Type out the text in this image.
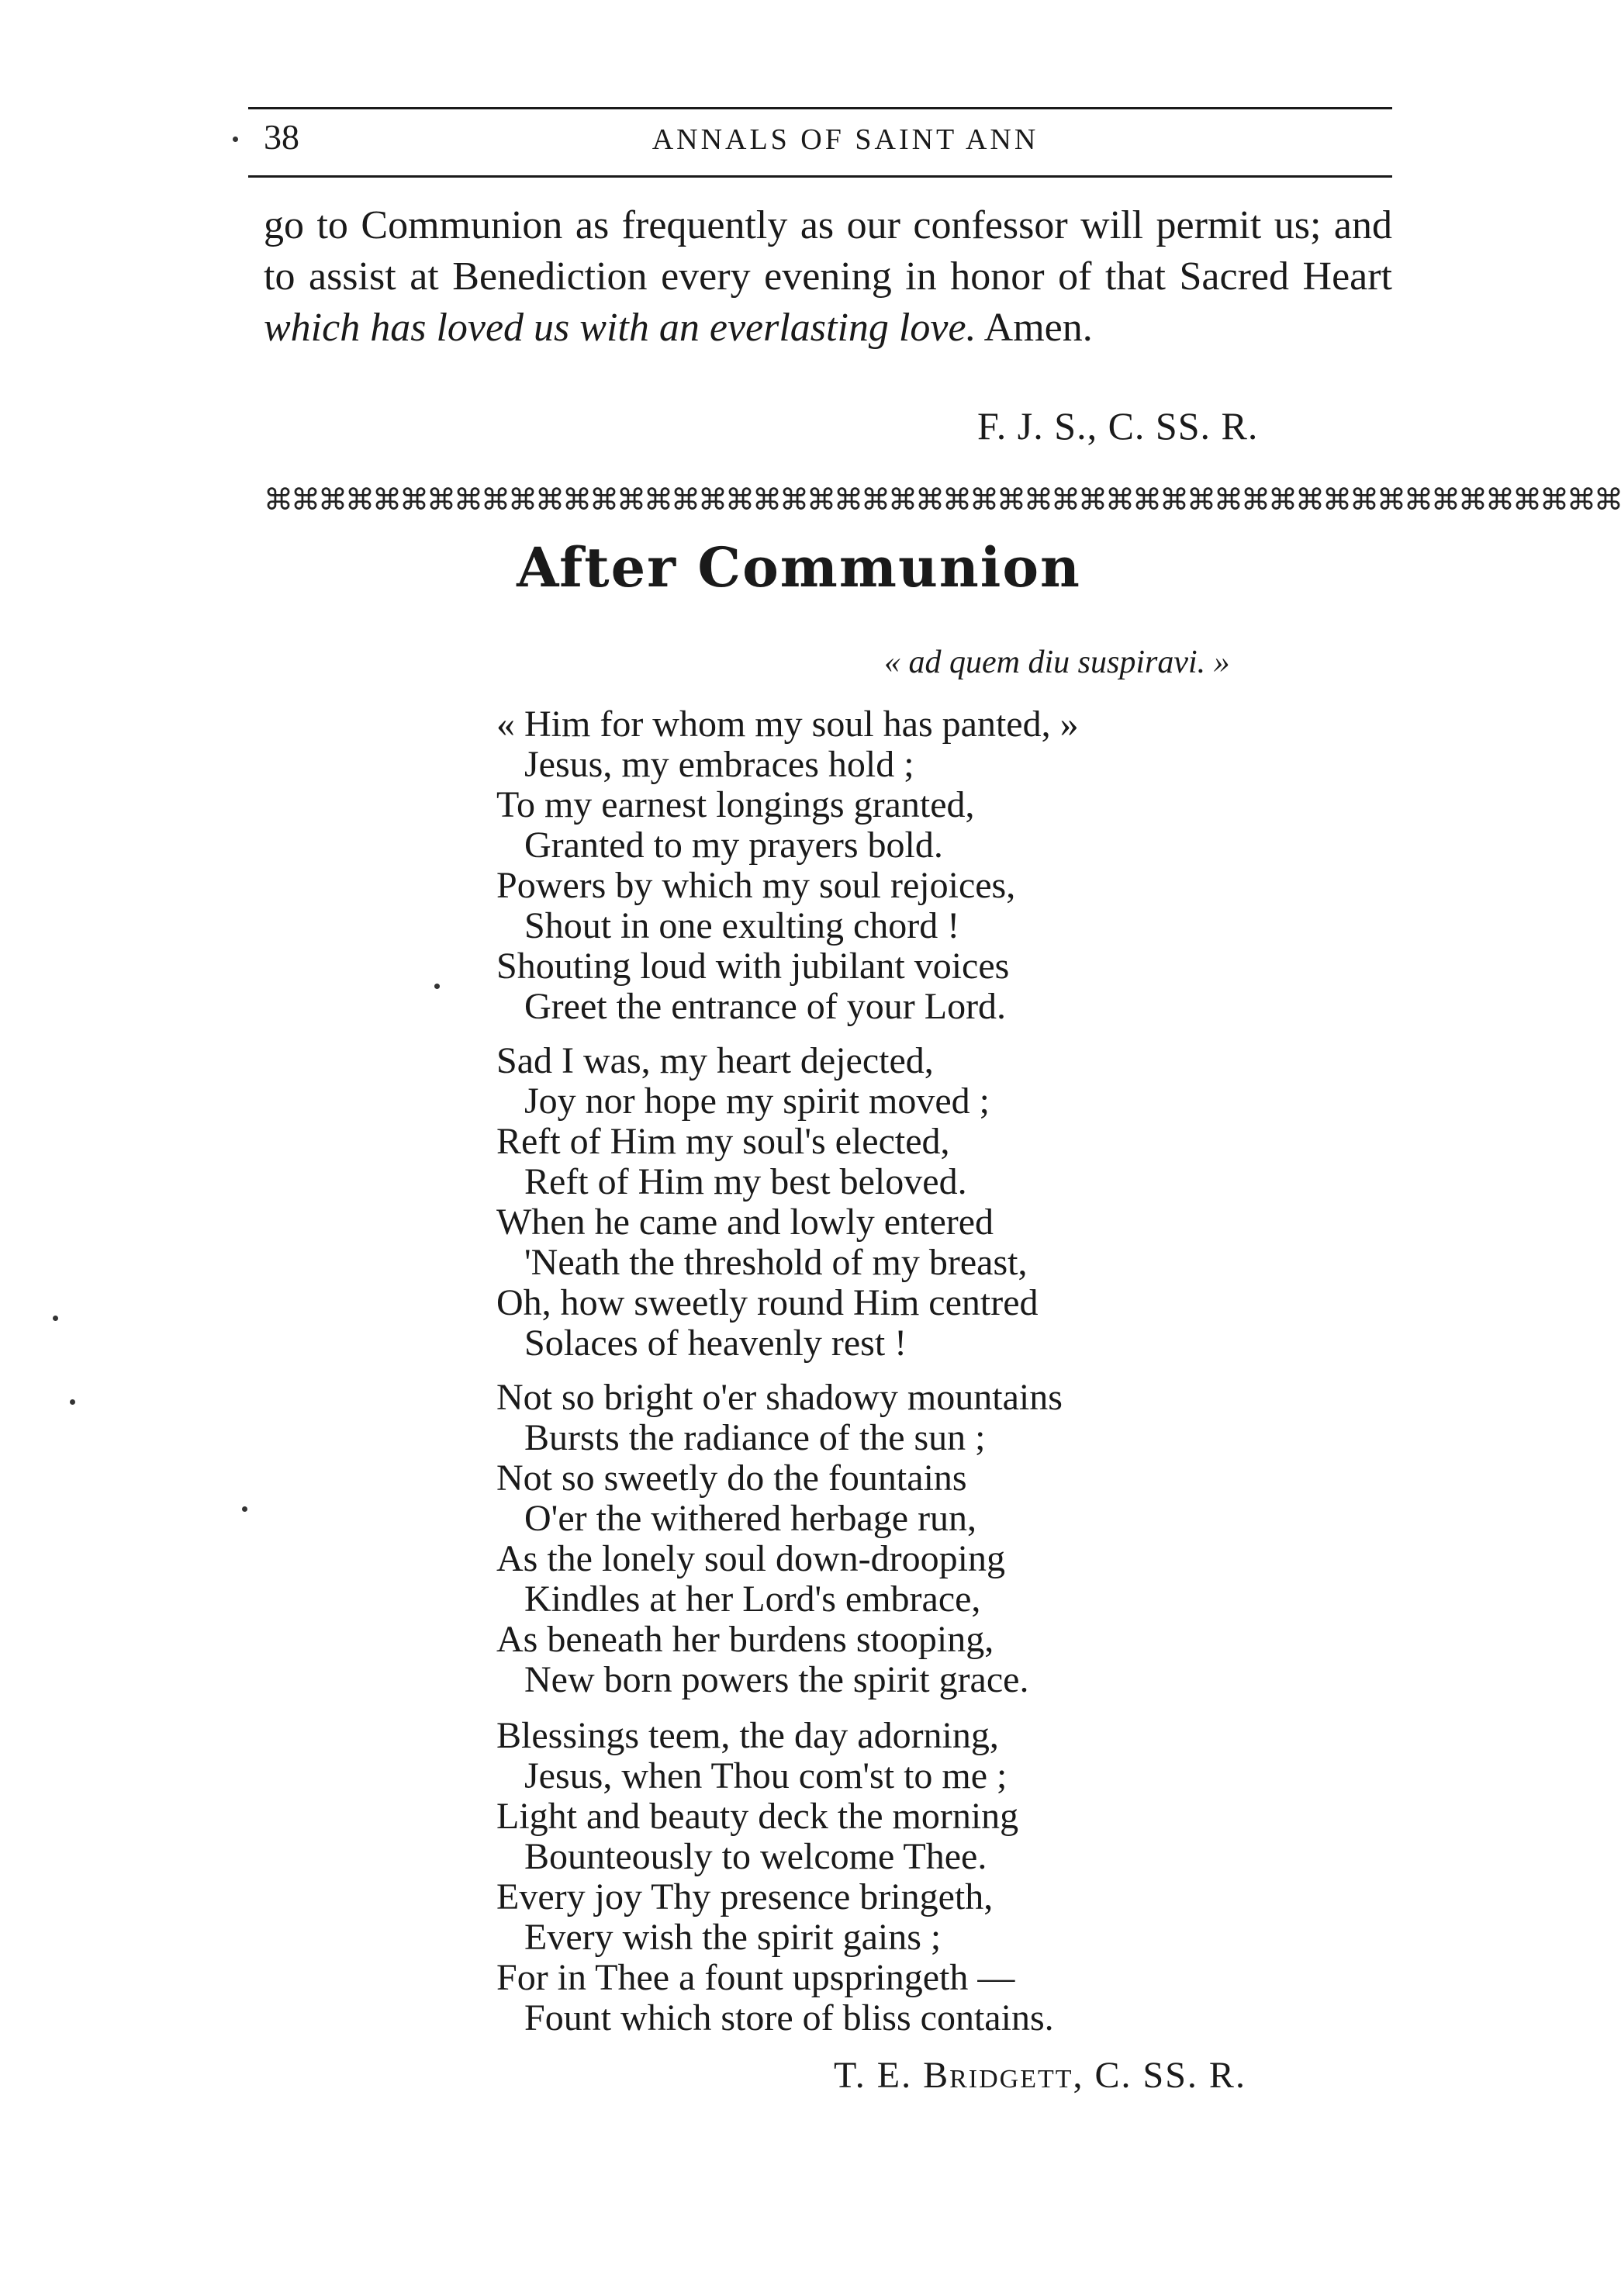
38	ANNALS OF SAINT ANN

go to Communion as frequently as our confessor will permit us; and to assist at Benediction every evening in honor of that Sacred Heart which has loved us with an everlasting love. Amen.

F. J. S., C. SS. R.
⌘⌘⌘⌘⌘⌘⌘⌘⌘⌘⌘⌘⌘⌘⌘⌘⌘⌘⌘⌘⌘⌘⌘⌘⌘⌘⌘⌘⌘⌘⌘⌘⌘⌘⌘⌘⌘⌘⌘⌘⌘⌘⌘⌘⌘⌘⌘⌘⌘⌘
After Communion
« ad quem diu suspiravi. »
« Him for whom my soul has panted, »
Jesus, my embraces hold ;
To my earnest longings granted,
Granted to my prayers bold.
Powers by which my soul rejoices,
Shout in one exulting chord !
Shouting loud with jubilant voices
Greet the entrance of your Lord.
Sad I was, my heart dejected,
Joy nor hope my spirit moved ;
Reft of Him my soul's elected,
Reft of Him my best beloved.
When he came and lowly entered
'Neath the threshold of my breast,
Oh, how sweetly round Him centred
Solaces of heavenly rest !
Not so bright o'er shadowy mountains
Bursts the radiance of the sun ;
Not so sweetly do the fountains
O'er the withered herbage run,
As the lonely soul down-drooping
Kindles at her Lord's embrace,
As beneath her burdens stooping,
New born powers the spirit grace.
Blessings teem, the day adorning,
Jesus, when Thou com'st to me ;
Light and beauty deck the morning
Bounteously to welcome Thee.
Every joy Thy presence bringeth,
Every wish the spirit gains ;
For in Thee a fount upspringeth —
Fount which store of bliss contains.
T. E. Bridgett, C. SS. R.
